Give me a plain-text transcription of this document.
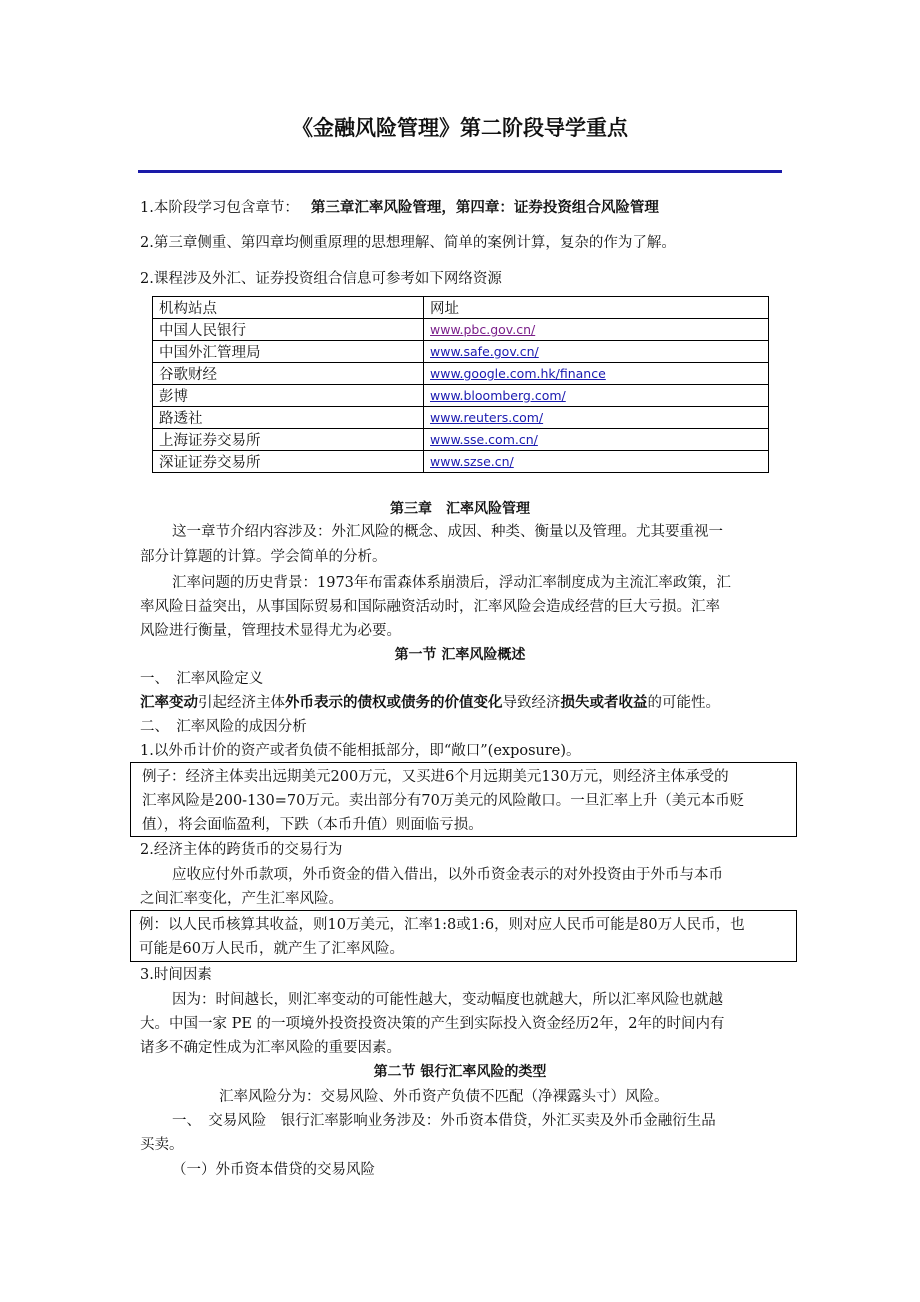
《金融风险管理》第二阶段导学重点
1.本阶段学习包含章节： 第三章汇率风险管理，第四章：证券投资组合风险管理
2.第三章侧重、第四章均侧重原理的思想理解、简单的案例计算，复杂的作为了解。
2.课程涉及外汇、证券投资组合信息可参考如下网络资源
机构站点	网址
中国人民银行	www.pbc.gov.cn/
中国外汇管理局	www.safe.gov.cn/
谷歌财经	www.google.com.hk/finance
彭博	www.bloomberg.com/
路透社	www.reuters.com/
上海证券交易所	www.sse.com.cn/
深证证券交易所	www.szse.cn/
第三章　汇率风险管理
这一章节介绍内容涉及：外汇风险的概念、成因、种类、衡量以及管理。尤其要重视一
部分计算题的计算。学会简单的分析。
汇率问题的历史背景：1973年布雷森体系崩溃后，浮动汇率制度成为主流汇率政策，汇
率风险日益突出，从事国际贸易和国际融资活动时，汇率风险会造成经营的巨大亏损。汇率
风险进行衡量，管理技术显得尤为必要。
第一节 汇率风险概述
一、　汇率风险定义
汇率变动引起经济主体外币表示的债权或债务的价值变化导致经济损失或者收益的可能性。
二、　汇率风险的成因分析
1.以外币计价的资产或者负债不能相抵部分，即“敞口”(exposure)。
例子：经济主体卖出远期美元200万元，又买进6个月远期美元130万元，则经济主体承受的
汇率风险是200-130=70万元。卖出部分有70万美元的风险敞口。一旦汇率上升（美元本币贬
值），将会面临盈利，下跌（本币升值）则面临亏损。
2.经济主体的跨货币的交易行为
应收应付外币款项，外币资金的借入借出，以外币资金表示的对外投资由于外币与本币
之间汇率变化，产生汇率风险。
例：以人民币核算其收益，则10万美元，汇率1:8或1:6，则对应人民币可能是80万人民币，也
可能是60万人民币，就产生了汇率风险。
3.时间因素
因为：时间越长，则汇率变动的可能性越大，变动幅度也就越大，所以汇率风险也就越
大。中国一家 PE 的一项境外投资投资决策的产生到实际投入资金经历2年，2年的时间内有
诸多不确定性成为汇率风险的重要因素。
第二节 银行汇率风险的类型
汇率风险分为：交易风险、外币资产负债不匹配（净裸露头寸）风险。
一、　交易风险　银行汇率影响业务涉及：外币资本借贷，外汇买卖及外币金融衍生品
买卖。
（一）外币资本借贷的交易风险
